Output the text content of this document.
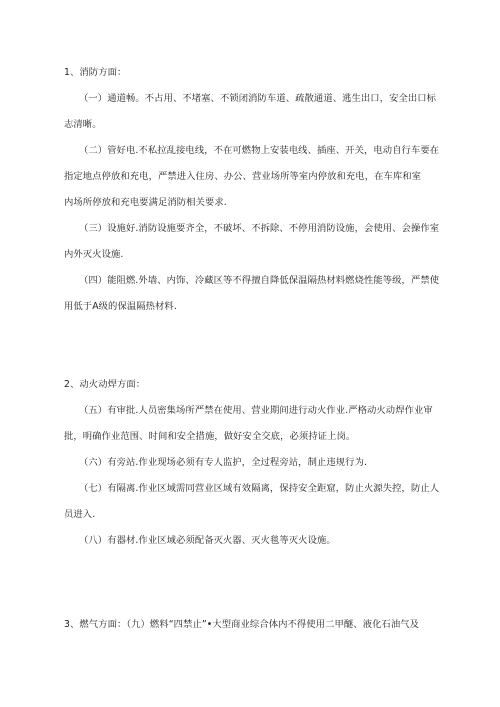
1、消防方面：
（一）通道畅。不占用、不堵塞、不锁闭消防车道、疏散通道、逃生出口，安全出口标
志清晰。
（二）管好电.不私拉乱接电线，不在可燃物上安装电线、插座、开关，电动自行车要在
指定地点停放和充电，严禁进入住房、办公、营业场所等室内停放和充电，在车库和室
内场所停放和充电要满足消防相关要求.
（三）设施好.消防设施要齐全，不破坏、不拆除、不停用消防设施，会使用、会操作室
内外灭火设施.
（四）能阻燃.外墙、内饰、冷藏区等不得擅自降低保温隔热材料燃烧性能等级，严禁使
用低于A级的保温隔热材料.
2、动火动焊方面：
（五）有审批.人员密集场所严禁在使用、营业期间进行动火作业.严格动火动焊作业审
批，明确作业范围、时间和安全措施，做好安全交底，必须持证上岗。
（六）有旁站.作业现场必须有专人监护，全过程旁站，制止违规行为.
（七）有隔离.作业区域需同营业区域有效隔离，保持安全距窟，防止火源失控，防止人
员进入.
（八）有器材.作业区域必须配备灭火器、灭火毯等灭火设施。
3、燃气方面：（九）燃料“四禁止”•大型商业综合体内不得使用二甲醚、液化石油气及
